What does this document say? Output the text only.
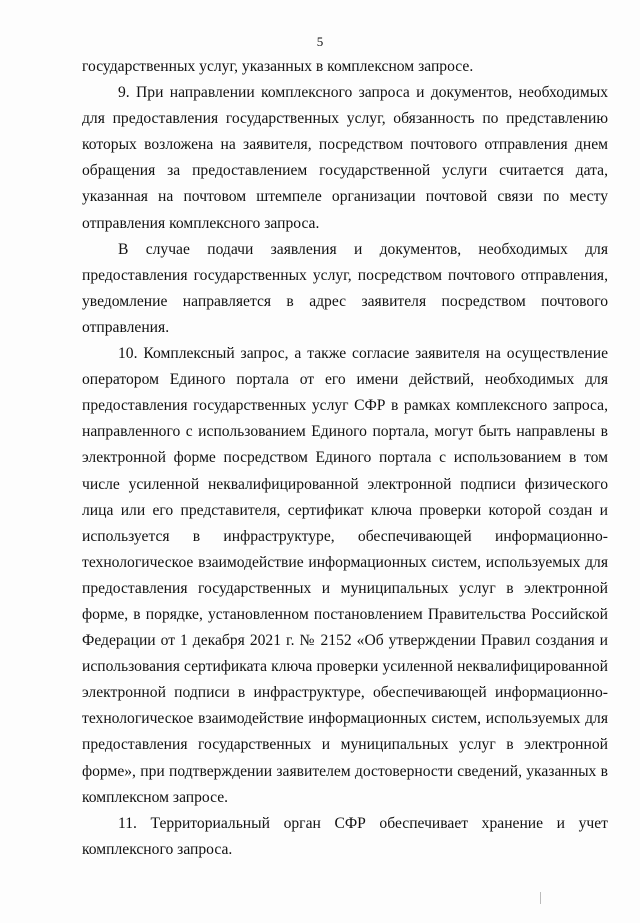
5

государственных услуг, указанных в комплексном запросе.

9. При направлении комплексного запроса и документов, необходимых для предоставления государственных услуг, обязанность по представлению которых возложена на заявителя, посредством почтового отправления днем обращения за предоставлением государственной услуги считается дата, указанная на почтовом штемпеле организации почтовой связи по месту отправления комплексного запроса.

В случае подачи заявления и документов, необходимых для предоставления государственных услуг, посредством почтового отправления, уведомление направляется в адрес заявителя посредством почтового отправления.

10. Комплексный запрос, а также согласие заявителя на осуществление оператором Единого портала от его имени действий, необходимых для предоставления государственных услуг СФР в рамках комплексного запроса, направленного с использованием Единого портала, могут быть направлены в электронной форме посредством Единого портала с использованием в том числе усиленной неквалифицированной электронной подписи физического лица или его представителя, сертификат ключа проверки которой создан и используется в инфраструктуре, обеспечивающей информационно-технологическое взаимодействие информационных систем, используемых для предоставления государственных и муниципальных услуг в электронной форме, в порядке, установленном постановлением Правительства Российской Федерации от 1 декабря 2021 г. № 2152 «Об утверждении Правил создания и использования сертификата ключа проверки усиленной неквалифицированной электронной подписи в инфраструктуре, обеспечивающей информационно-технологическое взаимодействие информационных систем, используемых для предоставления государственных и муниципальных услуг в электронной форме», при подтверждении заявителем достоверности сведений, указанных в комплексном запросе.

11. Территориальный орган СФР обеспечивает хранение и учет комплексного запроса.
